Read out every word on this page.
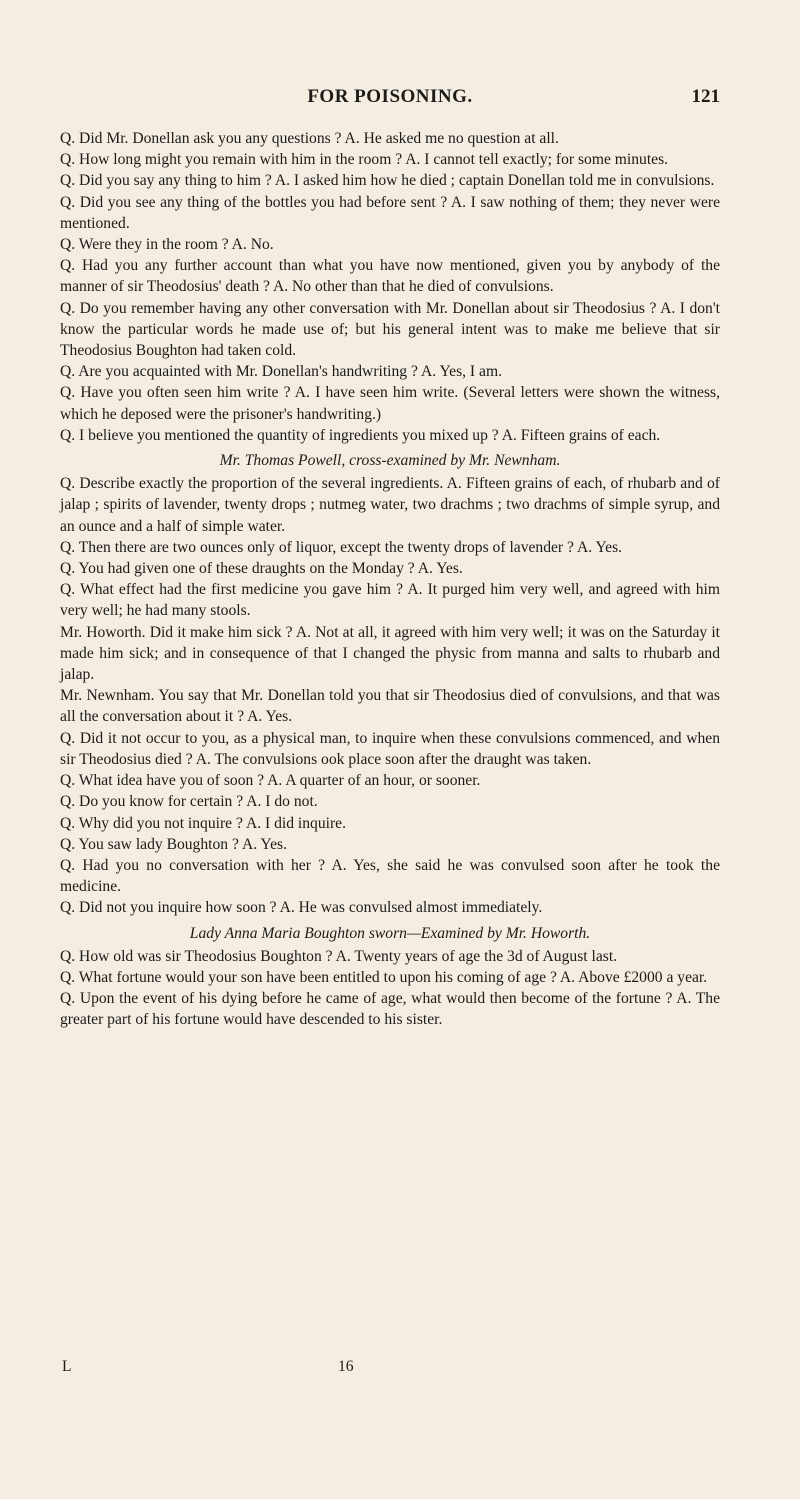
FOR POISONING.	121

Q. Did Mr. Donellan ask you any questions ? A. He asked me no question at all.

Q. How long might you remain with him in the room ? A. I cannot tell exactly; for some minutes.

Q. Did you say any thing to him ? A. I asked him how he died ; captain Donellan told me in convulsions.

Q. Did you see any thing of the bottles you had before sent ? A. I saw nothing of them; they never were mentioned.

Q. Were they in the room ? A. No.

Q. Had you any further account than what you have now mentioned, given you by anybody of the manner of sir Theodosius' death ? A. No other than that he died of convulsions.

Q. Do you remember having any other conversation with Mr. Donellan about sir Theodosius ? A. I don't know the particular words he made use of; but his general intent was to make me believe that sir Theodosius Boughton had taken cold.

Q. Are you acquainted with Mr. Donellan's handwriting ? A. Yes, I am.

Q. Have you often seen him write ? A. I have seen him write. (Several letters were shown the witness, which he deposed were the prisoner's handwriting.)

Q. I believe you mentioned the quantity of ingredients you mixed up ? A. Fifteen grains of each.

Mr. Thomas Powell, cross-examined by Mr. Newnham.

Q. Describe exactly the proportion of the several ingredients. A. Fifteen grains of each, of rhubarb and of jalap ; spirits of lavender, twenty drops ; nutmeg water, two drachms ; two drachms of simple syrup, and an ounce and a half of simple water.

Q. Then there are two ounces only of liquor, except the twenty drops of lavender ? A. Yes.

Q. You had given one of these draughts on the Monday ? A. Yes.

Q. What effect had the first medicine you gave him ? A. It purged him very well, and agreed with him very well; he had many stools.

Mr. Howorth. Did it make him sick ? A. Not at all, it agreed with him very well; it was on the Saturday it made him sick; and in consequence of that I changed the physic from manna and salts to rhubarb and jalap.

Mr. Newnham. You say that Mr. Donellan told you that sir Theodosius died of convulsions, and that was all the conversation about it ? A. Yes.

Q. Did it not occur to you, as a physical man, to inquire when these convulsions commenced, and when sir Theodosius died ? A. The convulsions ook place soon after the draught was taken.

Q. What idea have you of soon ? A. A quarter of an hour, or sooner.

Q. Do you know for certain ? A. I do not.

Q. Why did you not inquire ? A. I did inquire.

Q. You saw lady Boughton ? A. Yes.

Q. Had you no conversation with her ? A. Yes, she said he was convulsed soon after he took the medicine.

Q. Did not you inquire how soon ? A. He was convulsed almost immediately.

Lady Anna Maria Boughton sworn—Examined by Mr. Howorth.

Q. How old was sir Theodosius Boughton ? A. Twenty years of age the 3d of August last.

Q. What fortune would your son have been entitled to upon his coming of age ? A. Above £2000 a year.

Q. Upon the event of his dying before he came of age, what would then become of the fortune ? A. The greater part of his fortune would have descended to his sister.

L	16
